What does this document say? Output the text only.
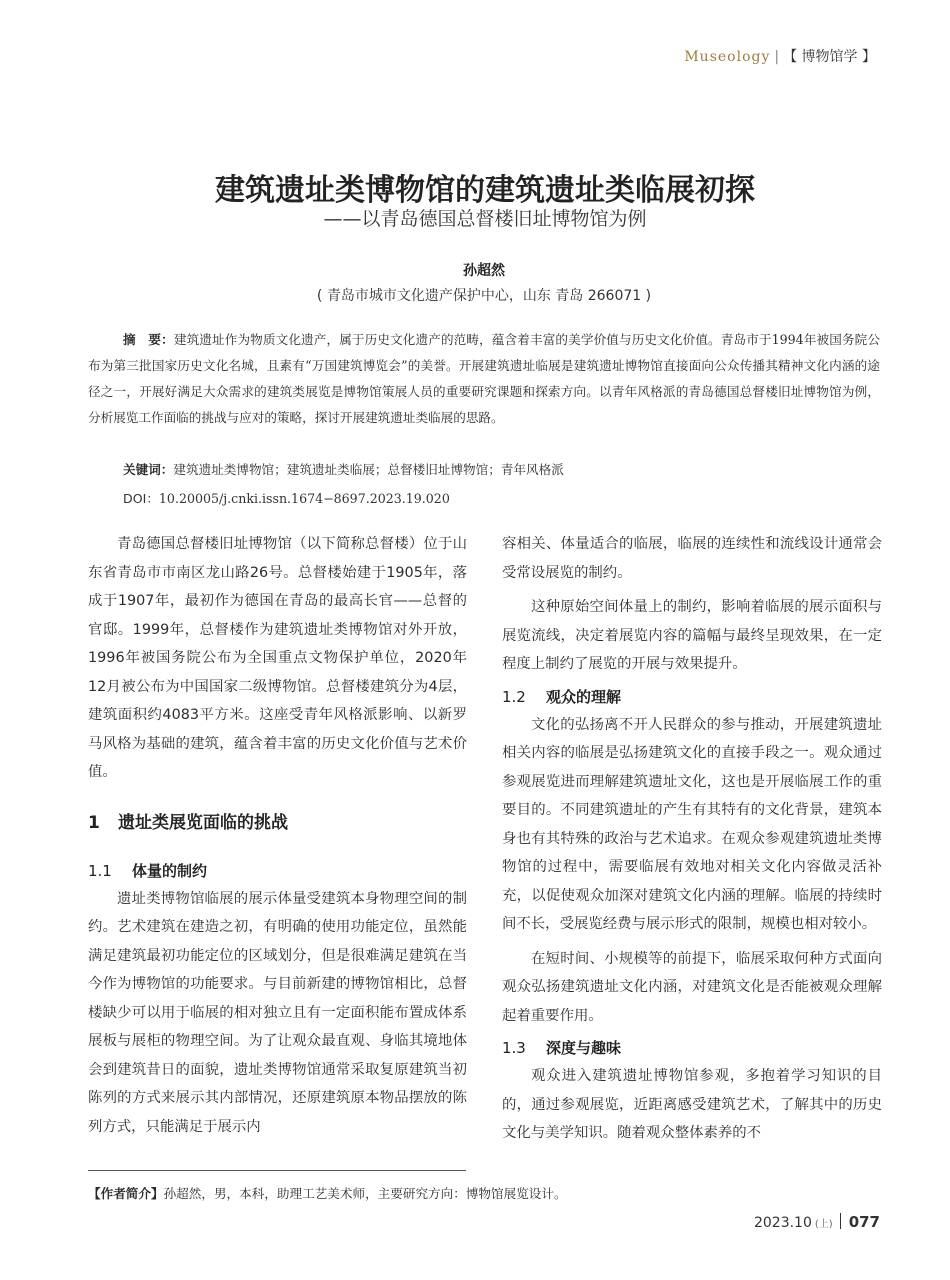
Museology | 【 博物馆学 】
建筑遗址类博物馆的建筑遗址类临展初探
——以青岛德国总督楼旧址博物馆为例
孙超然
( 青岛市城市文化遗产保护中心，山东 青岛 266071 )

摘　要：建筑遗址作为物质文化遗产，属于历史文化遗产的范畴，蕴含着丰富的美学价值与历史文化价值。青岛市于1994年被国务院公布为第三批国家历史文化名城，且素有“万国建筑博览会”的美誉。开展建筑遗址临展是建筑遗址博物馆直接面向公众传播其精神文化内涵的途径之一，开展好满足大众需求的建筑类展览是博物馆策展人员的重要研究课题和探索方向。以青年风格派的青岛德国总督楼旧址博物馆为例，分析展览工作面临的挑战与应对的策略，探讨开展建筑遗址类临展的思路。

关键词：建筑遗址类博物馆；建筑遗址类临展；总督楼旧址博物馆；青年风格派
DOI：10.20005/j.cnki.issn.1674−8697.2023.19.020

青岛德国总督楼旧址博物馆（以下简称总督楼）位于山东省青岛市市南区龙山路26号。总督楼始建于1905年，落成于1907年，最初作为德国在青岛的最高长官——总督的官邸。1999年，总督楼作为建筑遗址类博物馆对外开放，1996年被国务院公布为全国重点文物保护单位，2020年12月被公布为中国国家二级博物馆。总督楼建筑分为4层，建筑面积约4083平方米。这座受青年风格派影响、以新罗马风格为基础的建筑，蕴含着丰富的历史文化价值与艺术价值。

1 遗址类展览面临的挑战
1.1 体量的制约

遗址类博物馆临展的展示体量受建筑本身物理空间的制约。艺术建筑在建造之初，有明确的使用功能定位，虽然能满足建筑最初功能定位的区域划分，但是很难满足建筑在当今作为博物馆的功能要求。与目前新建的博物馆相比，总督楼缺少可以用于临展的相对独立且有一定面积能布置成体系展板与展柜的物理空间。为了让观众最直观、身临其境地体会到建筑昔日的面貌，遗址类博物馆通常采取复原建筑当初陈列的方式来展示其内部情况，还原建筑原本物品摆放的陈列方式，只能满足于展示内

容相关、体量适合的临展，临展的连续性和流线设计通常会受常设展览的制约。

这种原始空间体量上的制约，影响着临展的展示面积与展览流线，决定着展览内容的篇幅与最终呈现效果，在一定程度上制约了展览的开展与效果提升。

1.2 观众的理解

文化的弘扬离不开人民群众的参与推动，开展建筑遗址相关内容的临展是弘扬建筑文化的直接手段之一。观众通过参观展览进而理解建筑遗址文化，这也是开展临展工作的重要目的。不同建筑遗址的产生有其特有的文化背景，建筑本身也有其特殊的政治与艺术追求。在观众参观建筑遗址类博物馆的过程中，需要临展有效地对相关文化内容做灵活补充，以促使观众加深对建筑文化内涵的理解。临展的持续时间不长，受展览经费与展示形式的限制，规模也相对较小。

在短时间、小规模等的前提下，临展采取何种方式面向观众弘扬建筑遗址文化内涵，对建筑文化是否能被观众理解起着重要作用。

1.3 深度与趣味

观众进入建筑遗址博物馆参观，多抱着学习知识的目的，通过参观展览，近距离感受建筑艺术，了解其中的历史文化与美学知识。随着观众整体素养的不

【作者简介】孙超然，男，本科，助理工艺美术师，主要研究方向：博物馆展览设计。
2023.10 (上) 077
